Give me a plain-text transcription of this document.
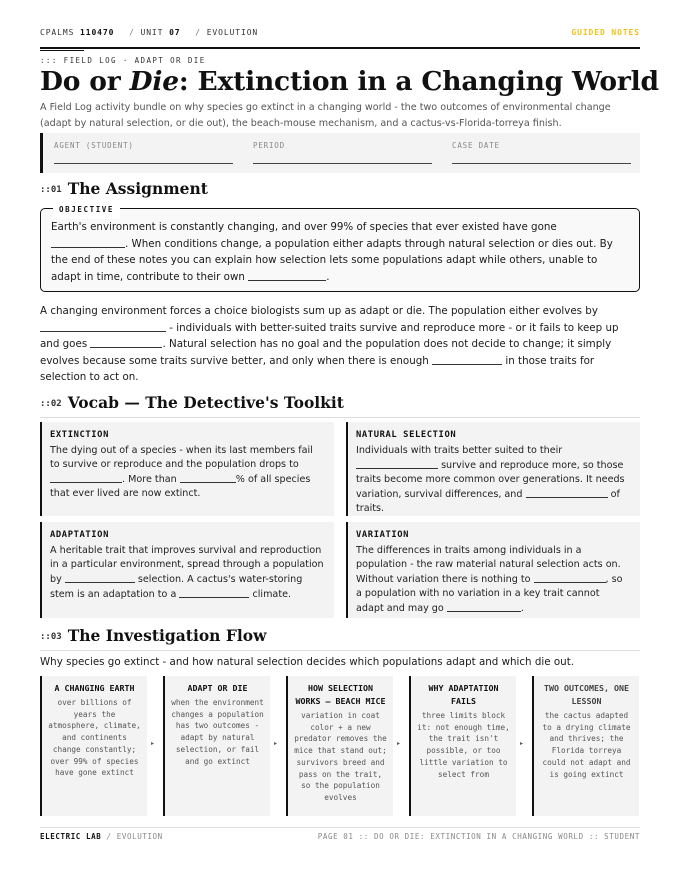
CPALMS 110470 / UNIT 07 / EVOLUTION	GUIDED NOTES
::: FIELD LOG · ADAPT OR DIE
Do or Die: Extinction in a Changing World
A Field Log activity bundle on why species go extinct in a changing world - the two outcomes of environmental change (adapt by natural selection, or die out), the beach-mouse mechanism, and a cactus-vs-Florida-torreya finish.
AGENT (STUDENT)	PERIOD	CASE DATE
::01 The Assignment
OBJECTIVE
Earth's environment is constantly changing, and over 99% of species that ever existed have gone . When conditions change, a population either adapts through natural selection or dies out. By the end of these notes you can explain how selection lets some populations adapt while others, unable to adapt in time, contribute to their own	.
A changing environment forces a choice biologists sum up as adapt or die. The population either evolves by  - individuals with better-suited traits survive and reproduce more - or it fails to keep up and goes	. Natural selection has no goal and the population does not decide to change; it simply evolves because some traits survive better, and only when there is enough	in those traits for selection to act on.
::02 Vocab — The Detective's Toolkit
EXTINCTION
The dying out of a species - when its last members fail to survive or reproduce and the population drops to . More than	% of all species that ever lived are now extinct.
NATURAL SELECTION
Individuals with traits better suited to their  survive and reproduce more, so those traits become more common over generations. It needs variation, survival differences, and	of traits.
ADAPTATION
A heritable trait that improves survival and reproduction in a particular environment, spread through a population by	selection. A cactus's water-storing stem is an adaptation to a	climate.
VARIATION
The differences in traits among individuals in a population - the raw material natural selection acts on. Without variation there is nothing to	, so a population with no variation in a key trait cannot adapt and may go	.
::03 The Investigation Flow
Why species go extinct - and how natural selection decides which populations adapt and which die out.
A CHANGING EARTH
over billions of years the atmosphere, climate, and continents change constantly; over 99% of species have gone extinct
▸
ADAPT OR DIE
when the environment changes a population has two outcomes - adapt by natural selection, or fail and go extinct
▸
HOW SELECTION WORKS — BEACH MICE
variation in coat color + a new predator removes the mice that stand out; survivors breed and pass on the trait, so the population evolves
▸
WHY ADAPTATION FAILS
three limits block it: not enough time, the trait isn't possible, or too little variation to select from
▸
TWO OUTCOMES, ONE LESSON
the cactus adapted to a drying climate and thrives; the Florida torreya could not adapt and is going extinct
ELECTRIC LAB / EVOLUTION	PAGE 01 :: DO OR DIE: EXTINCTION IN A CHANGING WORLD :: STUDENT
